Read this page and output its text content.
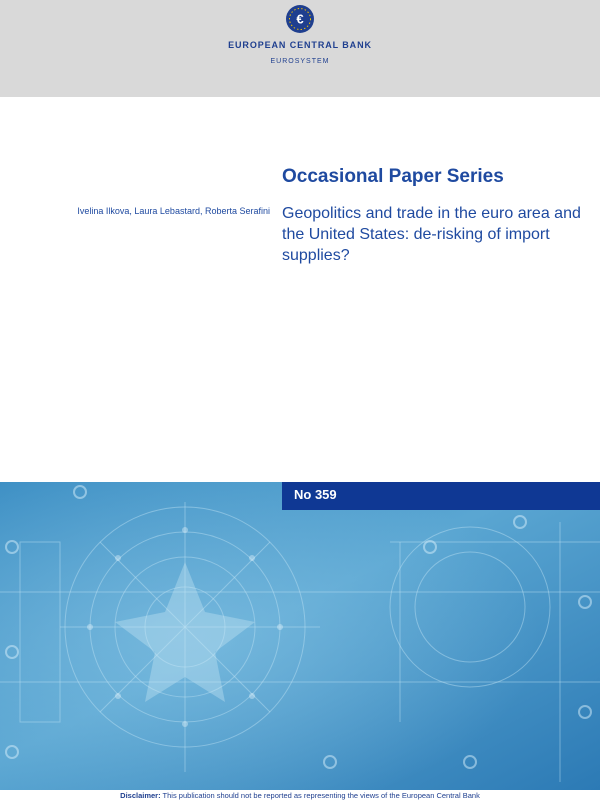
€
EUROPEAN CENTRAL BANK
EUROSYSTEM
Occasional Paper Series
Ivelina Ilkova, Laura Lebastard, Roberta Serafini Geopolitics and trade in the euro area and the United States: de-risking of import supplies?
No 359
Disclaimer: This publication should not be reported as representing the views of the European Central Bank
